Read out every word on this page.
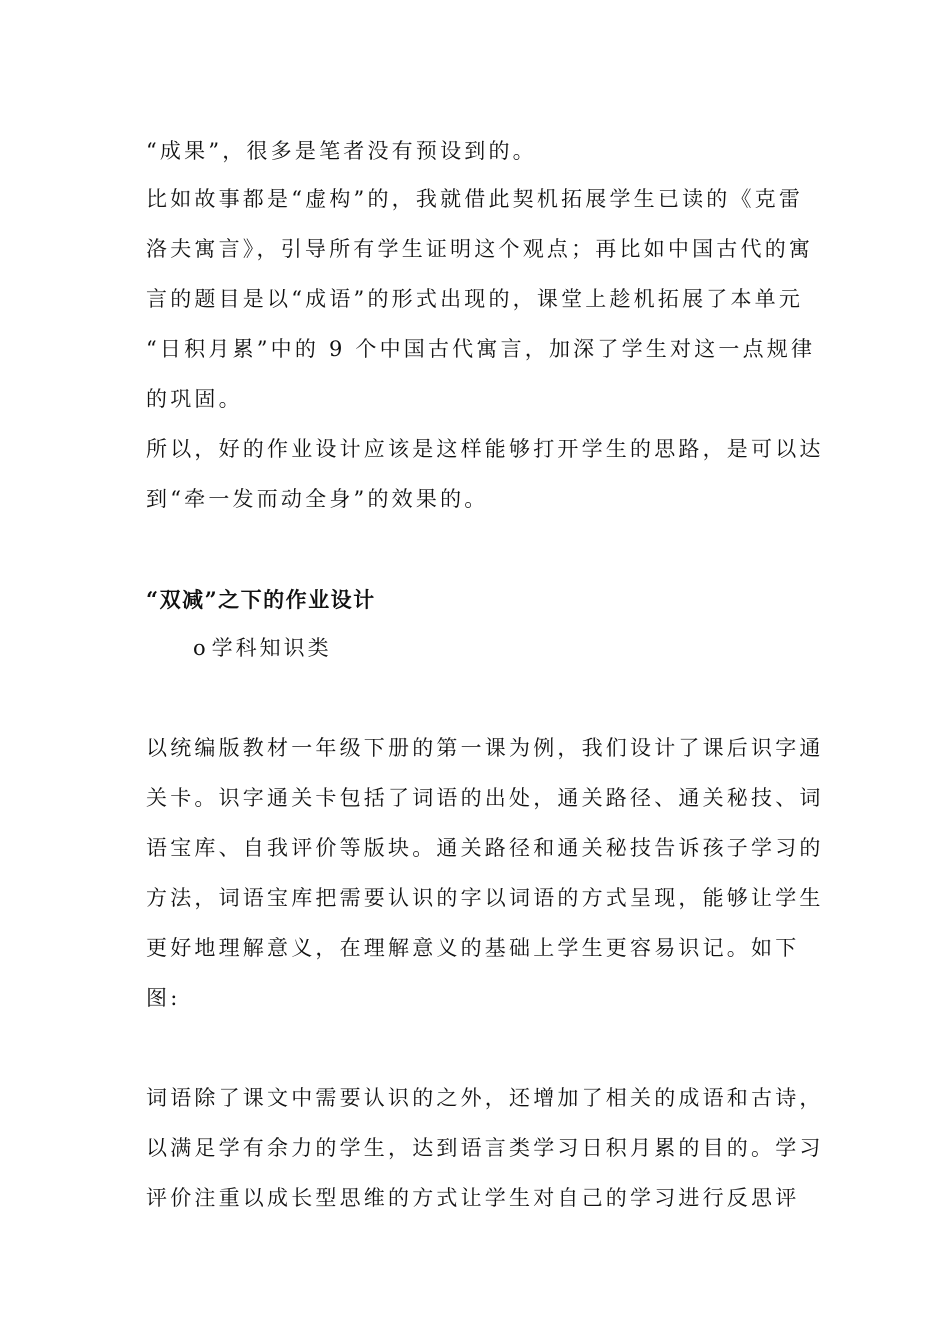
“成果”，很多是笔者没有预设到的。
比如故事都是“虚构”的，我就借此契机拓展学生已读的《克雷
洛夫寓言》，引导所有学生证明这个观点；再比如中国古代的寓
言的题目是以“成语”的形式出现的，课堂上趁机拓展了本单元
“日积月累”中的 9 个中国古代寓言，加深了学生对这一点规律
的巩固。
所以，好的作业设计应该是这样能够打开学生的思路，是可以达
到“牵一发而动全身”的效果的。
“双减”之下的作业设计
o 学科知识类
以统编版教材一年级下册的第一课为例，我们设计了课后识字通
关卡。识字通关卡包括了词语的出处，通关路径、通关秘技、词
语宝库、自我评价等版块。通关路径和通关秘技告诉孩子学习的
方法，词语宝库把需要认识的字以词语的方式呈现，能够让学生
更好地理解意义，在理解意义的基础上学生更容易识记。如下
图:
词语除了课文中需要认识的之外，还增加了相关的成语和古诗，
以满足学有余力的学生，达到语言类学习日积月累的目的。学习
评价注重以成长型思维的方式让学生对自己的学习进行反思评
